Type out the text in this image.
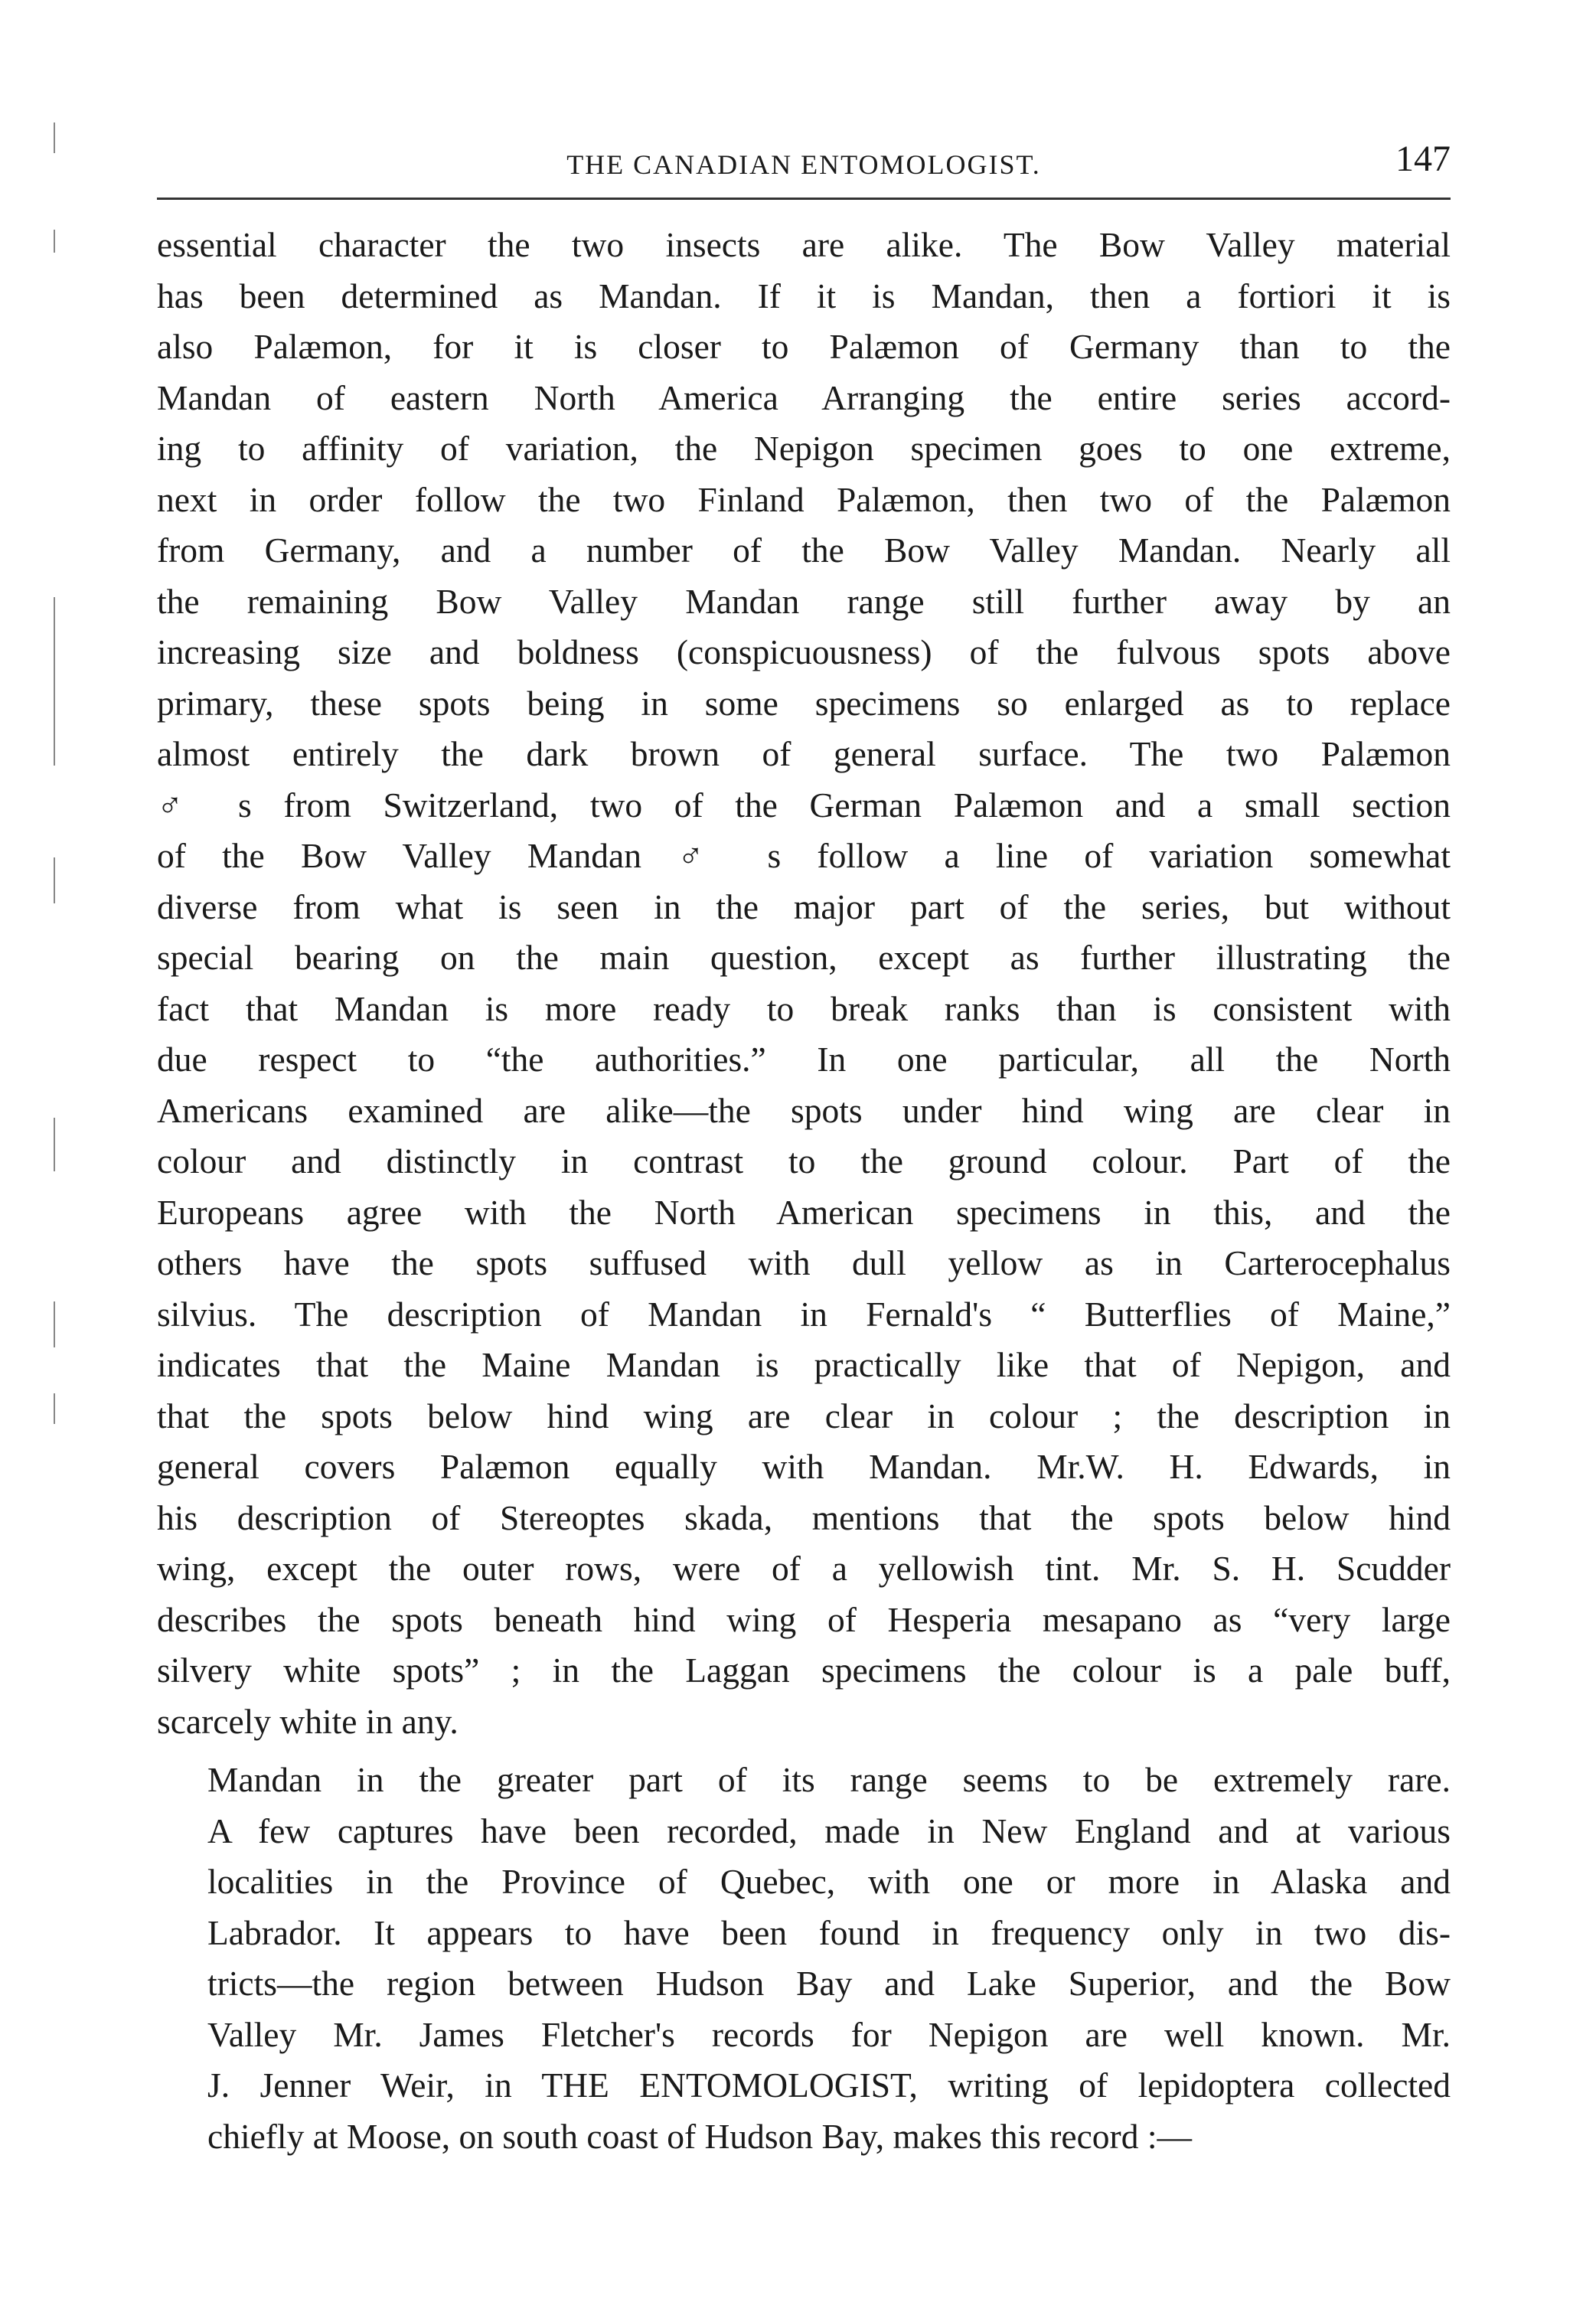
THE CANADIAN ENTOMOLOGIST.	147
essential character the two insects are alike. The Bow Valley material
has been determined as Mandan. If it is Mandan, then a fortiori it is
also Palæmon, for it is closer to Palæmon of Germany than to the
Mandan of eastern North America Arranging the entire series accord-
ing to affinity of variation, the Nepigon specimen goes to one extreme,
next in order follow the two Finland Palæmon, then two of the Palæmon
from Germany, and a number of the Bow Valley Mandan. Nearly all
the remaining Bow Valley Mandan range still further away by an
increasing size and boldness (conspicuousness) of the fulvous spots above
primary, these spots being in some specimens so enlarged as to replace
almost entirely the dark brown of general surface. The two Palæmon
♂ s from Switzerland, two of the German Palæmon and a small section
of the Bow Valley Mandan ♂ s follow a line of variation somewhat
diverse from what is seen in the major part of the series, but without
special bearing on the main question, except as further illustrating the
fact that Mandan is more ready to break ranks than is consistent with
due respect to “the authorities.” In one particular, all the North
Americans examined are alike—the spots under hind wing are clear in
colour and distinctly in contrast to the ground colour. Part of the
Europeans agree with the North American specimens in this, and the
others have the spots suffused with dull yellow as in Carterocephalus
silvius. The description of Mandan in Fernald's “ Butterflies of Maine,”
indicates that the Maine Mandan is practically like that of Nepigon, and
that the spots below hind wing are clear in colour ; the description in
general covers Palæmon equally with Mandan. Mr.W. H. Edwards, in
his description of Stereoptes skada, mentions that the spots below hind
wing, except the outer rows, were of a yellowish tint. Mr. S. H. Scudder
describes the spots beneath hind wing of Hesperia mesapano as “very large
silvery white spots” ; in the Laggan specimens the colour is a pale buff,
scarcely white in any.
Mandan in the greater part of its range seems to be extremely rare.
A few captures have been recorded, made in New England and at various
localities in the Province of Quebec, with one or more in Alaska and
Labrador. It appears to have been found in frequency only in two dis-
tricts—the region between Hudson Bay and Lake Superior, and the Bow
Valley Mr. James Fletcher's records for Nepigon are well known. Mr.
J. Jenner Weir, in THE ENTOMOLOGIST, writing of lepidoptera collected
chiefly at Moose, on south coast of Hudson Bay, makes this record :—
